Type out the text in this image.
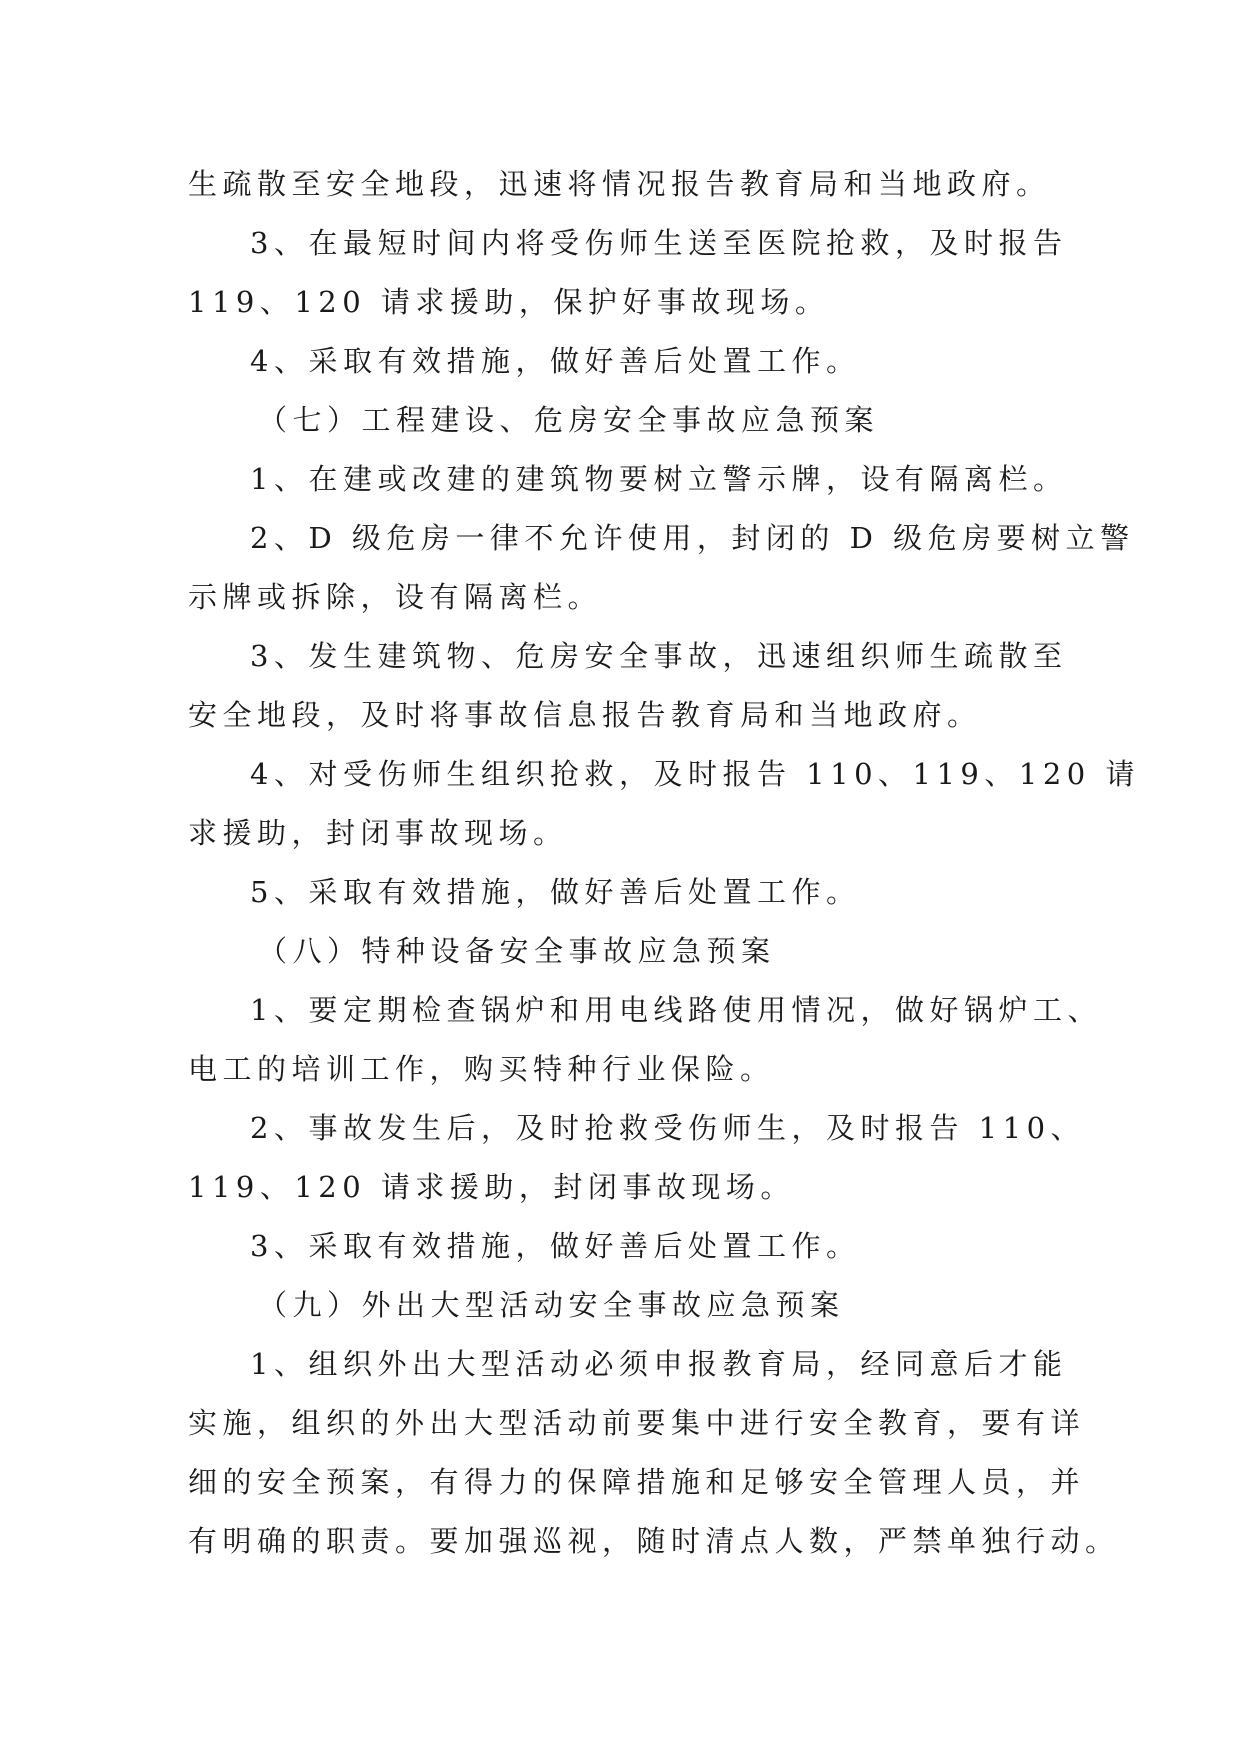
生疏散至安全地段，迅速将情况报告教育局和当地政府。
3、在最短时间内将受伤师生送至医院抢救，及时报告
119、120 请求援助，保护好事故现场。
4、采取有效措施，做好善后处置工作。
（七）工程建设、危房安全事故应急预案
1、在建或改建的建筑物要树立警示牌，设有隔离栏。
2、D 级危房一律不允许使用，封闭的 D 级危房要树立警
示牌或拆除，设有隔离栏。
3、发生建筑物、危房安全事故，迅速组织师生疏散至
安全地段，及时将事故信息报告教育局和当地政府。
4、对受伤师生组织抢救，及时报告 110、119、120 请
求援助，封闭事故现场。
5、采取有效措施，做好善后处置工作。
（八）特种设备安全事故应急预案
1、要定期检查锅炉和用电线路使用情况，做好锅炉工、
电工的培训工作，购买特种行业保险。
2、事故发生后，及时抢救受伤师生，及时报告 110、
119、120 请求援助，封闭事故现场。
3、采取有效措施，做好善后处置工作。
（九）外出大型活动安全事故应急预案
1、组织外出大型活动必须申报教育局，经同意后才能
实施，组织的外出大型活动前要集中进行安全教育，要有详
细的安全预案，有得力的保障措施和足够安全管理人员，并
有明确的职责。要加强巡视，随时清点人数，严禁单独行动。
